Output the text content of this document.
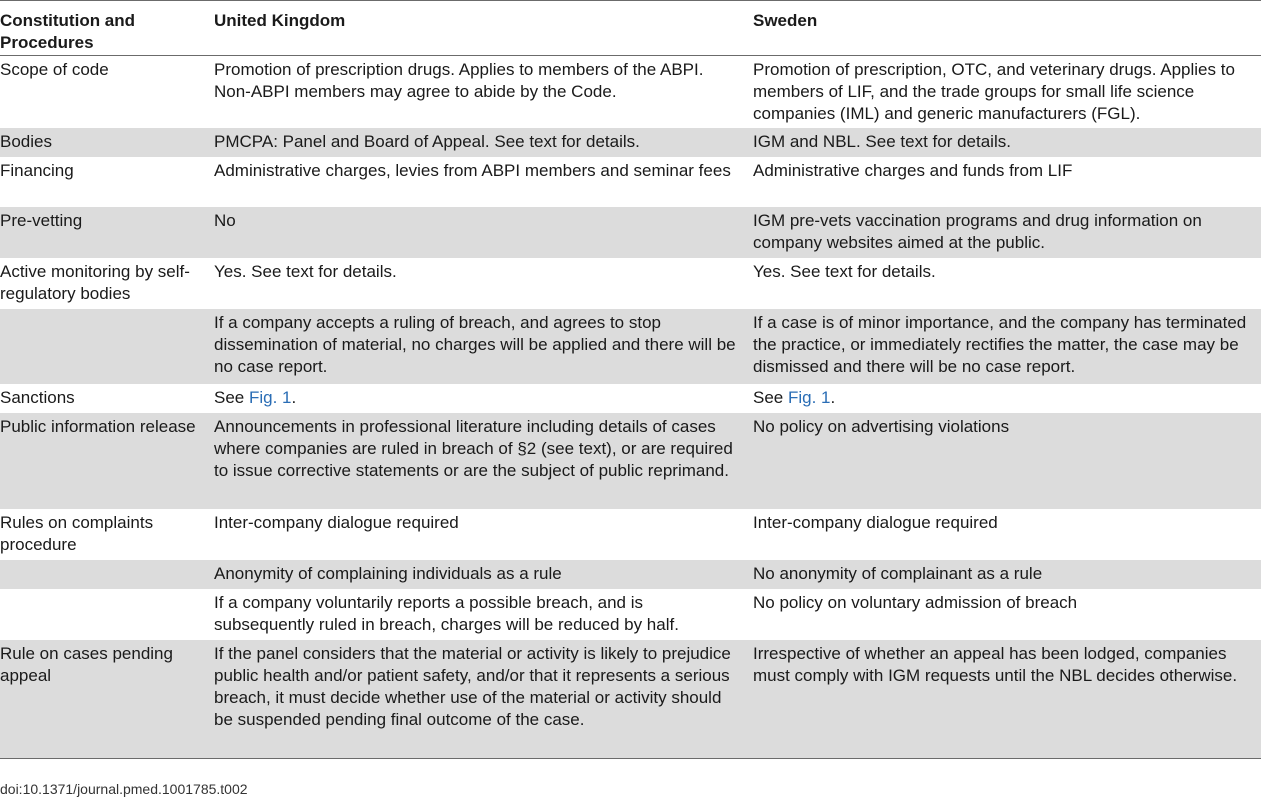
Constitution and Procedures	United Kingdom	Sweden
Scope of code	Promotion of prescription drugs. Applies to members of the ABPI. Non-ABPI members may agree to abide by the Code.	Promotion of prescription, OTC, and veterinary drugs. Applies to members of LIF, and the trade groups for small life science companies (IML) and generic manufacturers (FGL).
Bodies	PMCPA: Panel and Board of Appeal. See text for details.	IGM and NBL. See text for details.
Financing	Administrative charges, levies from ABPI members and seminar fees	Administrative charges and funds from LIF
Pre-vetting	No	IGM pre-vets vaccination programs and drug information on company websites aimed at the public.
Active monitoring by self-regulatory bodies	Yes. See text for details.	Yes. See text for details.
	If a company accepts a ruling of breach, and agrees to stop dissemination of material, no charges will be applied and there will be no case report.	If a case is of minor importance, and the company has terminated the practice, or immediately rectifies the matter, the case may be dismissed and there will be no case report.
Sanctions	See Fig. 1.	See Fig. 1.
Public information release	Announcements in professional literature including details of cases where companies are ruled in breach of §2 (see text), or are required to issue corrective statements or are the subject of public reprimand.	No policy on advertising violations
Rules on complaints procedure	Inter-company dialogue required	Inter-company dialogue required
	Anonymity of complaining individuals as a rule	No anonymity of complainant as a rule
	If a company voluntarily reports a possible breach, and is subsequently ruled in breach, charges will be reduced by half.	No policy on voluntary admission of breach
Rule on cases pending appeal	If the panel considers that the material or activity is likely to prejudice public health and/or patient safety, and/or that it represents a serious breach, it must decide whether use of the material or activity should be suspended pending final outcome of the case.	Irrespective of whether an appeal has been lodged, companies must comply with IGM requests until the NBL decides otherwise.
doi:10.1371/journal.pmed.1001785.t002
